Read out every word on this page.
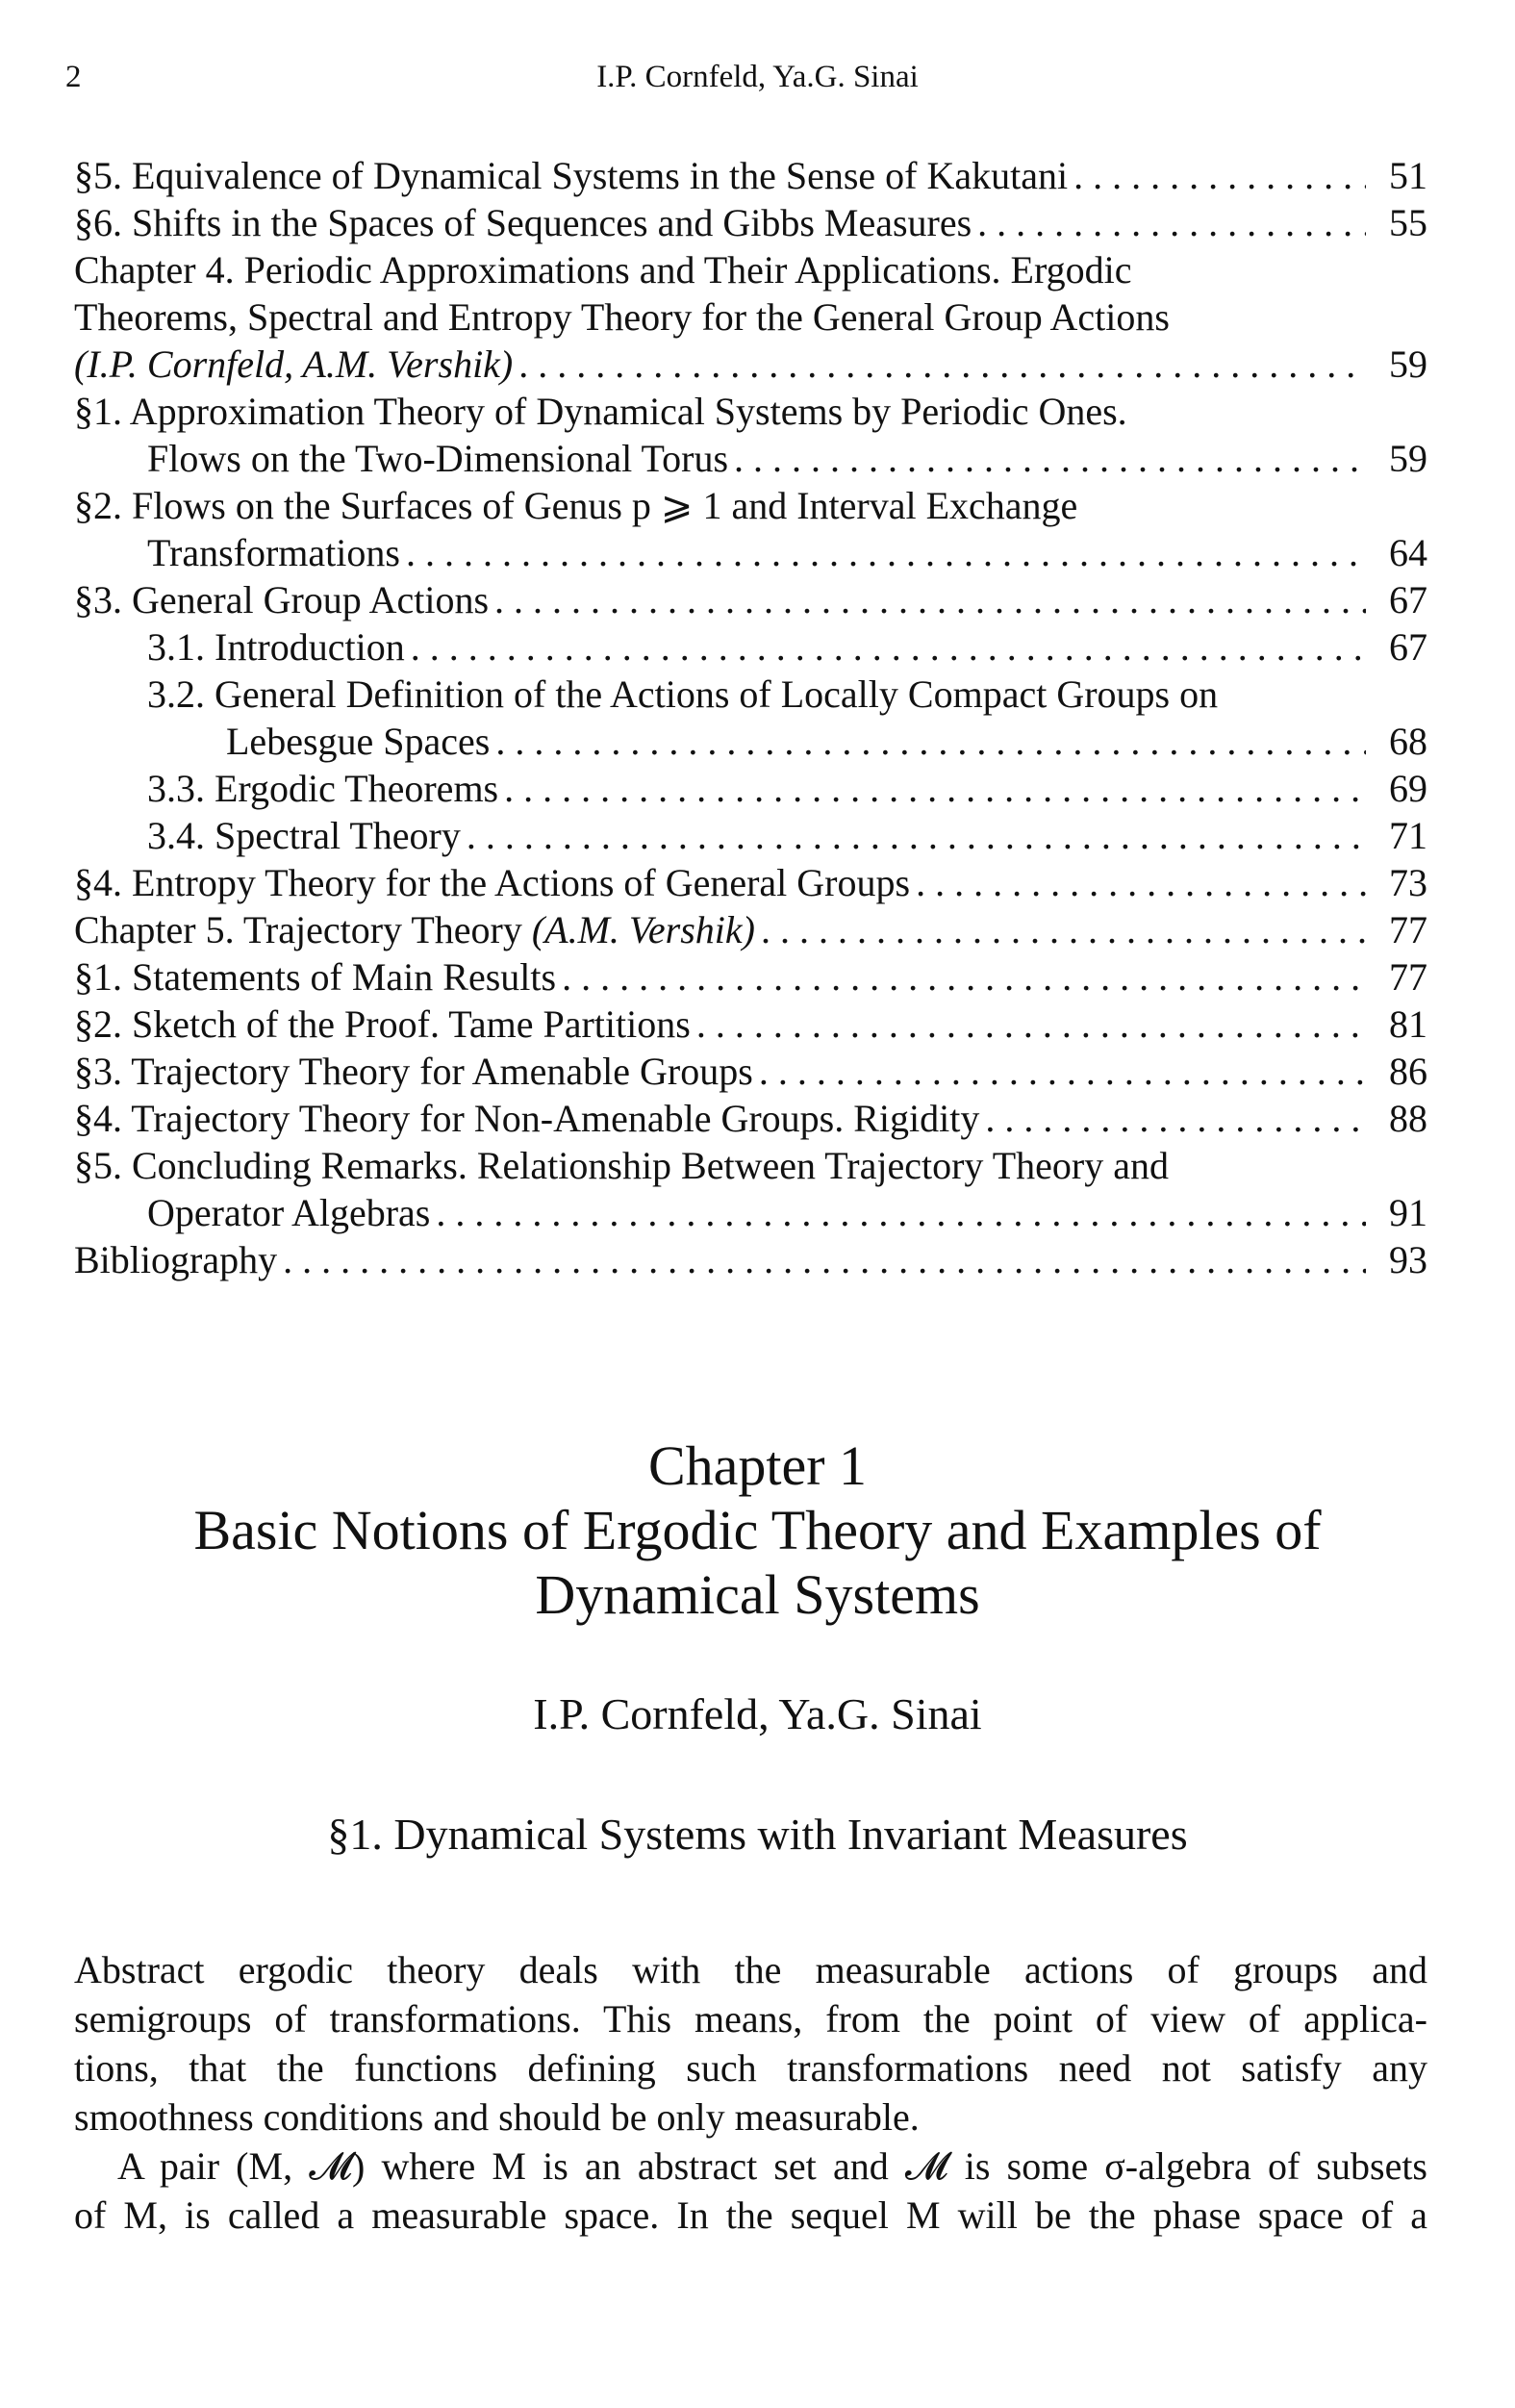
2	I.P. Cornfeld, Ya.G. Sinai
§5. Equivalence of Dynamical Systems in the Sense of Kakutani . . .	51
§6. Shifts in the Spaces of Sequences and Gibbs Measures . . .	55
Chapter 4. Periodic Approximations and Their Applications. Ergodic
Theorems, Spectral and Entropy Theory for the General Group Actions
(I.P. Cornfeld, A.M. Vershik) . . .	59
§1. Approximation Theory of Dynamical Systems by Periodic Ones.
Flows on the Two-Dimensional Torus . . .	59
§2. Flows on the Surfaces of Genus p ⩾ 1 and Interval Exchange
Transformations . . .	64
§3. General Group Actions . . .	67
3.1. Introduction . . .	67
3.2. General Definition of the Actions of Locally Compact Groups on
Lebesgue Spaces . . .	68
3.3. Ergodic Theorems . . .	69
3.4. Spectral Theory . . .	71
§4. Entropy Theory for the Actions of General Groups . . .	73
Chapter 5. Trajectory Theory (A.M. Vershik) . . .	77
§1. Statements of Main Results . . .	77
§2. Sketch of the Proof. Tame Partitions . . .	81
§3. Trajectory Theory for Amenable Groups . . .	86
§4. Trajectory Theory for Non-Amenable Groups. Rigidity . . .	88
§5. Concluding Remarks. Relationship Between Trajectory Theory and
Operator Algebras . . .	91
Bibliography . . .	93
Chapter 1
Basic Notions of Ergodic Theory and Examples of
Dynamical Systems
I.P. Cornfeld, Ya.G. Sinai
§1. Dynamical Systems with Invariant Measures

Abstract ergodic theory deals with the measurable actions of groups and
semigroups of transformations. This means, from the point of view of applica-
tions, that the functions defining such transformations need not satisfy any
smoothness conditions and should be only measurable.

A pair (M, 𝓜) where M is an abstract set and 𝓜 is some σ-algebra of subsets
of M, is called a measurable space. In the sequel M will be the phase space of a
